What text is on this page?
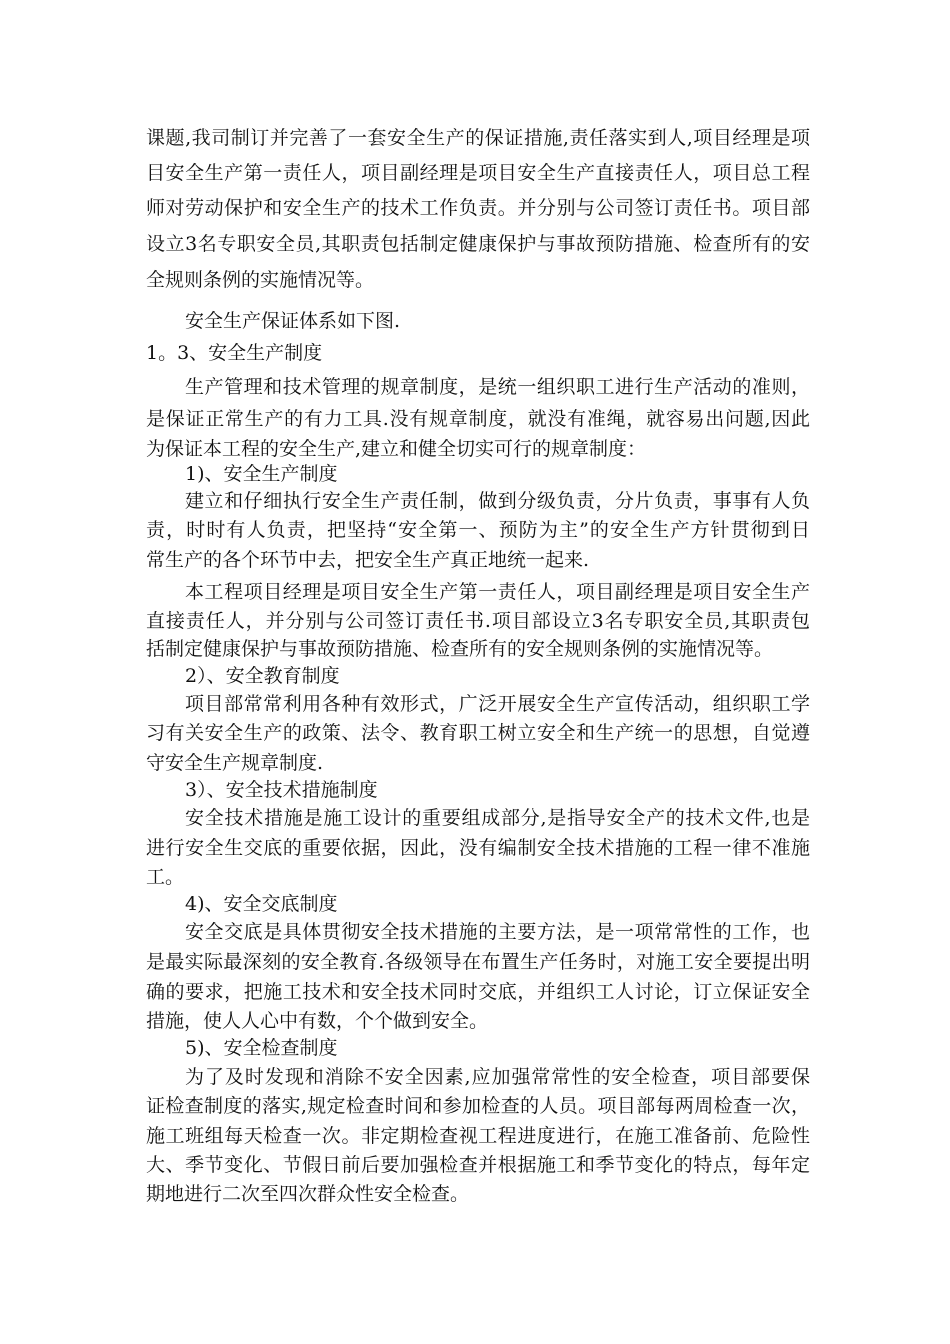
课题,我司制订并完善了一套安全生产的保证措施,责任落实到人,项目经理是项
目安全生产第一责任人，项目副经理是项目安全生产直接责任人，项目总工程
师对劳动保护和安全生产的技术工作负责。并分别与公司签订责任书。项目部
设立3名专职安全员,其职责包括制定健康保护与事故预防措施、检查所有的安
全规则条例的实施情况等。
安全生产保证体系如下图.
1。3、安全生产制度
生产管理和技术管理的规章制度，是统一组织职工进行生产活动的准则，
是保证正常生产的有力工具.没有规章制度，就没有准绳，就容易出问题,因此
为保证本工程的安全生产,建立和健全切实可行的规章制度：
1)、安全生产制度
建立和仔细执行安全生产责任制，做到分级负责，分片负责，事事有人负
责，时时有人负责，把坚持“安全第一、预防为主”的安全生产方针贯彻到日
常生产的各个环节中去，把安全生产真正地统一起来.
本工程项目经理是项目安全生产第一责任人，项目副经理是项目安全生产
直接责任人，并分别与公司签订责任书.项目部设立3名专职安全员,其职责包
括制定健康保护与事故预防措施、检查所有的安全规则条例的实施情况等。
2）、安全教育制度
项目部常常利用各种有效形式，广泛开展安全生产宣传活动，组织职工学
习有关安全生产的政策、法令、教育职工树立安全和生产统一的思想，自觉遵
守安全生产规章制度.
3）、安全技术措施制度
安全技术措施是施工设计的重要组成部分,是指导安全产的技术文件,也是
进行安全生交底的重要依据，因此，没有编制安全技术措施的工程一律不准施
工。
4)、安全交底制度
安全交底是具体贯彻安全技术措施的主要方法，是一项常常性的工作，也
是最实际最深刻的安全教育.各级领导在布置生产任务时，对施工安全要提出明
确的要求，把施工技术和安全技术同时交底，并组织工人讨论，订立保证安全
措施，使人人心中有数，个个做到安全。
5)、安全检查制度
为了及时发现和消除不安全因素,应加强常常性的安全检查，项目部要保
证检查制度的落实,规定检查时间和参加检查的人员。项目部每两周检查一次，
施工班组每天检查一次。非定期检查视工程进度进行，在施工准备前、危险性
大、季节变化、节假日前后要加强检查并根据施工和季节变化的特点，每年定
期地进行二次至四次群众性安全检查。
